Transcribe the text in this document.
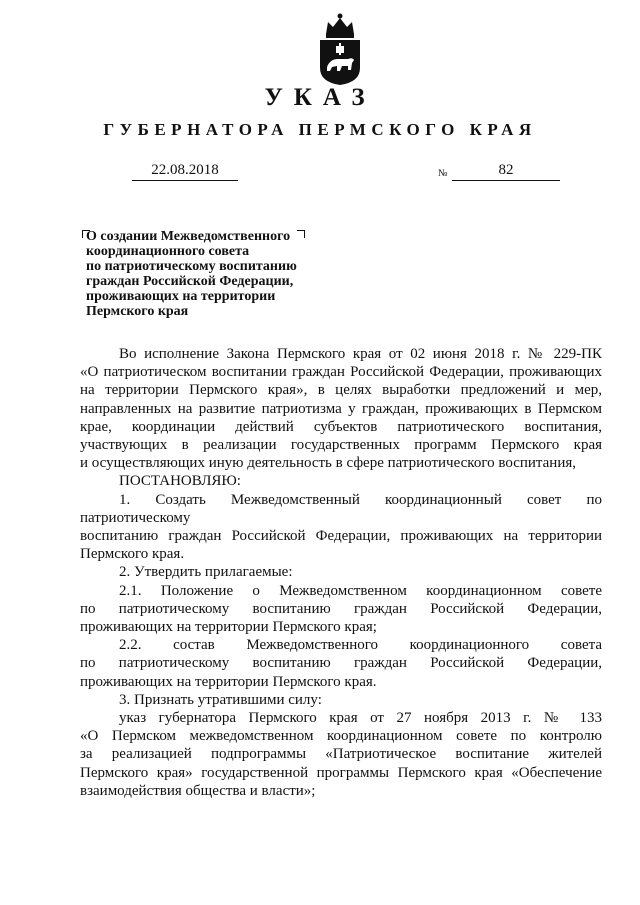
УКАЗ
ГУБЕРНАТОРА ПЕРМСКОГО КРАЯ
22.08.2018	№	82
О создании Межведомственного
координационного совета
по патриотическому воспитанию
граждан Российской Федерации,
проживающих на территории
Пермского края

Во исполнение Закона Пермского края от 02 июня 2018 г. № 229-ПК

«О патриотическом воспитании граждан Российской Федерации, проживающих

на территории Пермского края», в целях выработки предложений и мер,

направленных на развитие патриотизма у граждан, проживающих в Пермском

крае, координации действий субъектов патриотического воспитания,

участвующих в реализации государственных программ Пермского края

и осуществляющих иную деятельность в сфере патриотического воспитания,

ПОСТАНОВЛЯЮ:

1. Создать Межведомственный координационный совет по патриотическому

воспитанию граждан Российской Федерации, проживающих на территории

Пермского края.

2. Утвердить прилагаемые:

2.1. Положение о Межведомственном координационном совете

по патриотическому воспитанию граждан Российской Федерации,

проживающих на территории Пермского края;

2.2. состав Межведомственного координационного совета

по патриотическому воспитанию граждан Российской Федерации,

проживающих на территории Пермского края.

3. Признать утратившими силу:

указ губернатора Пермского края от 27 ноября 2013 г. № 133

«О Пермском межведомственном координационном совете по контролю

за реализацией подпрограммы «Патриотическое воспитание жителей

Пермского края» государственной программы Пермского края «Обеспечение

взаимодействия общества и власти»;
